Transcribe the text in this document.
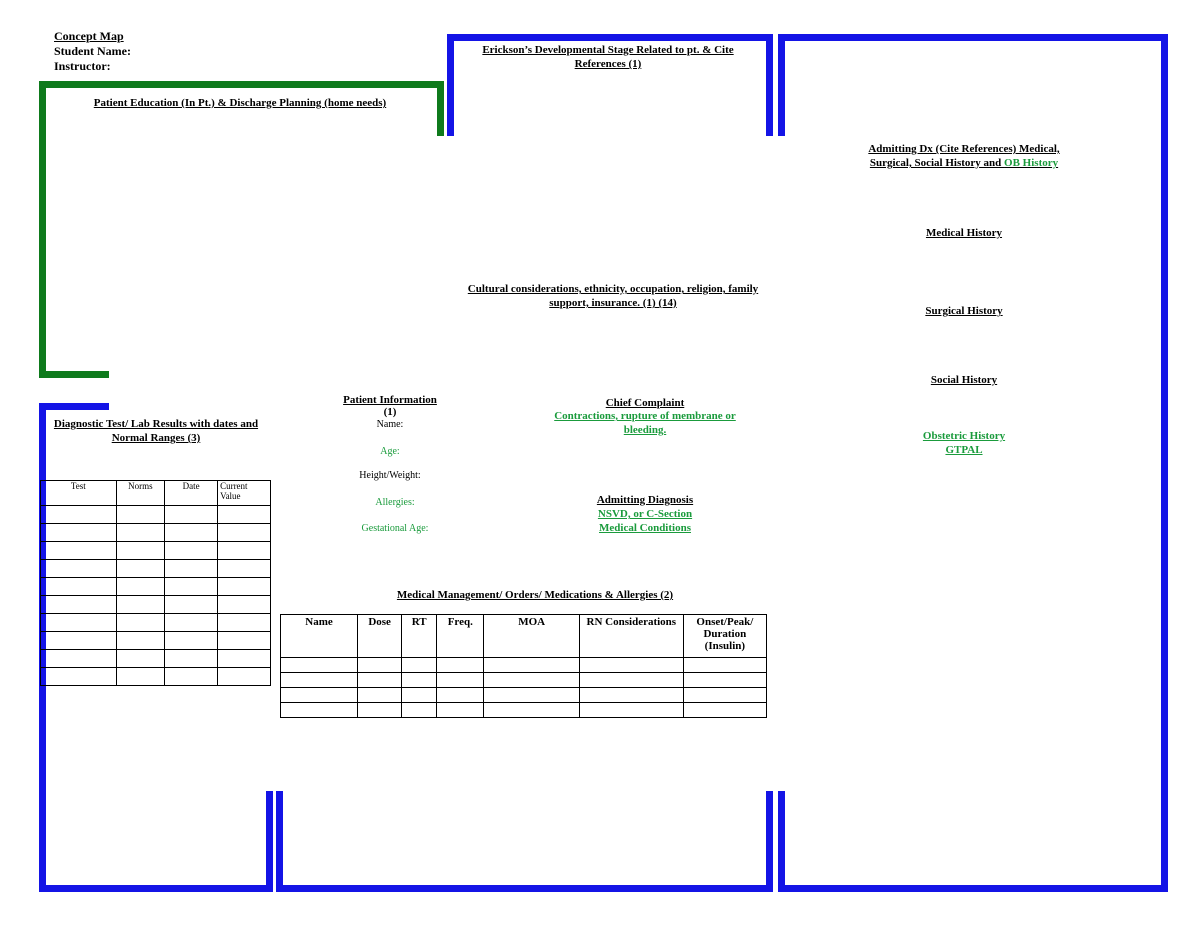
Concept Map
Student Name:
Instructor:
Patient Education (In Pt.) & Discharge Planning (home needs)
Erickson’s Developmental Stage Related to pt. & Cite References (1)
Admitting Dx (Cite References) Medical, Surgical, Social History and OB History
Medical History
Surgical History
Social History
Obstetric History
GTPAL
Cultural considerations, ethnicity, occupation, religion, family support, insurance. (1) (14)
Diagnostic Test/ Lab Results with dates and Normal Ranges (3)
Test	Norms	Date	Current Value

Patient Information
(1)
Name:
Age:
Height/Weight:
Allergies:
Gestational Age:
Chief Complaint
Contractions, rupture of membrane or bleeding.
Admitting Diagnosis
NSVD, or C-Section
Medical Conditions
Medical Management/ Orders/ Medications & Allergies (2)
Name	Dose	RT	Freq.	MOA	RN Considerations	Onset/Peak/ Duration (Insulin)
